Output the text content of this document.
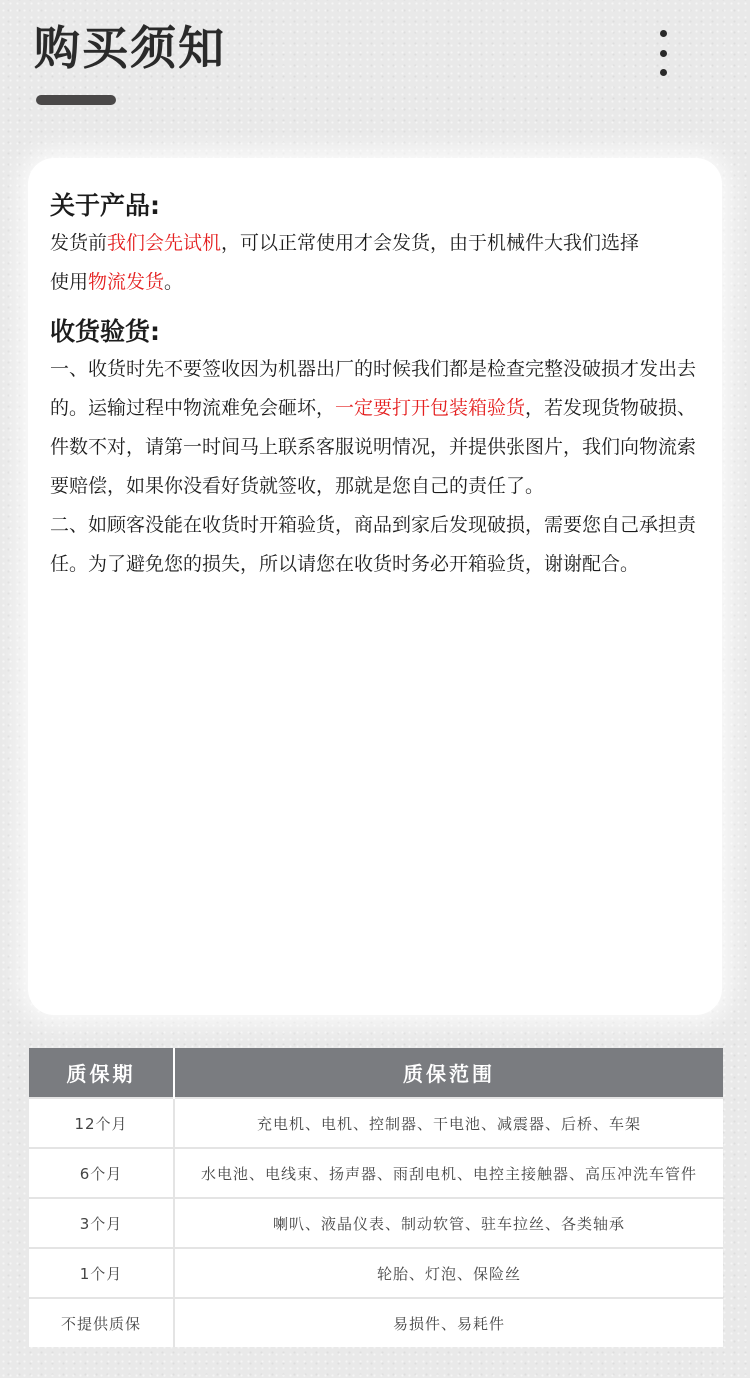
购买须知

关于产品:

发货前我们会先试机，可以正常使用才会发货，由于机械件大我们选择
使用物流发货。

收货验货:

一、收货时先不要签收因为机器出厂的时候我们都是检查完整没破损才发出去的。运输过程中物流难免会砸坏，一定要打开包装箱验货，若发现货物破损、件数不对，请第一时间马上联系客服说明情况，并提供张图片，我们向物流索要赔偿，如果你没看好货就签收，那就是您自己的责任了。

二、如顾客没能在收货时开箱验货，商品到家后发现破损，需要您自己承担责任。为了避免您的损失，所以请您在收货时务必开箱验货，谢谢配合。

质保期	质保范围
12个月	充电机、电机、控制器、干电池、减震器、后桥、车架
6个月	水电池、电线束、扬声器、雨刮电机、电控主接触器、高压冲洗车管件
3个月	喇叭、液晶仪表、制动软管、驻车拉丝、各类轴承
1个月	轮胎、灯泡、保险丝
不提供质保	易损件、易耗件
